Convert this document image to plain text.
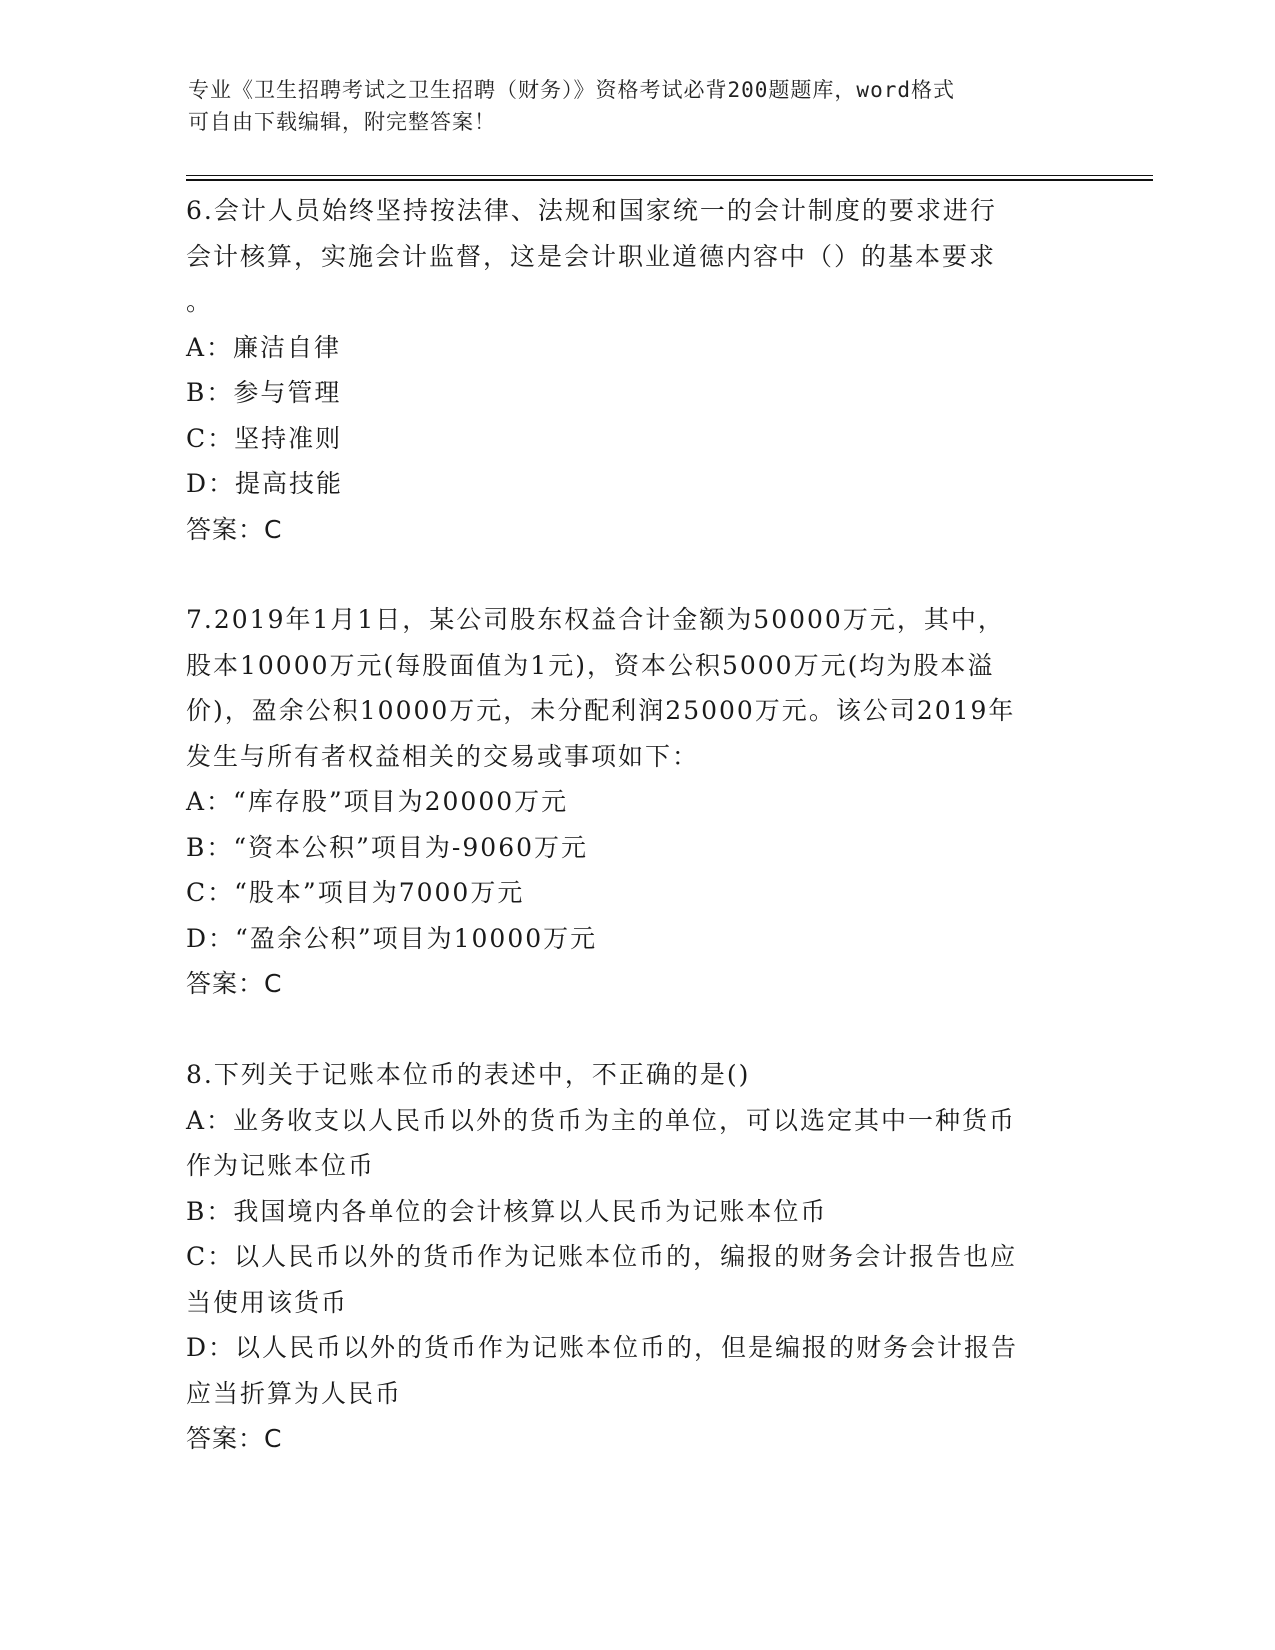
专业《卫生招聘考试之卫生招聘（财务）》资格考试必背200题题库，word格式
可自由下载编辑，附完整答案！
6.会计人员始终坚持按法律、法规和国家统一的会计制度的要求进行
会计核算，实施会计监督，这是会计职业道德内容中（）的基本要求
。
A：廉洁自律
B：参与管理
C：坚持准则
D：提高技能
答案：C
7.2019年1月1日，某公司股东权益合计金额为50000万元，其中，
股本10000万元(每股面值为1元)，资本公积5000万元(均为股本溢
价)，盈余公积10000万元，未分配利润25000万元。该公司2019年
发生与所有者权益相关的交易或事项如下：
A：“库存股”项目为20000万元
B：“资本公积”项目为-9060万元
C：“股本”项目为7000万元
D：“盈余公积”项目为10000万元
答案：C
8.下列关于记账本位币的表述中，不正确的是()
A：业务收支以人民币以外的货币为主的单位，可以选定其中一种货币
作为记账本位币
B：我国境内各单位的会计核算以人民币为记账本位币
C：以人民币以外的货币作为记账本位币的，编报的财务会计报告也应
当使用该货币
D：以人民币以外的货币作为记账本位币的，但是编报的财务会计报告
应当折算为人民币
答案：C
